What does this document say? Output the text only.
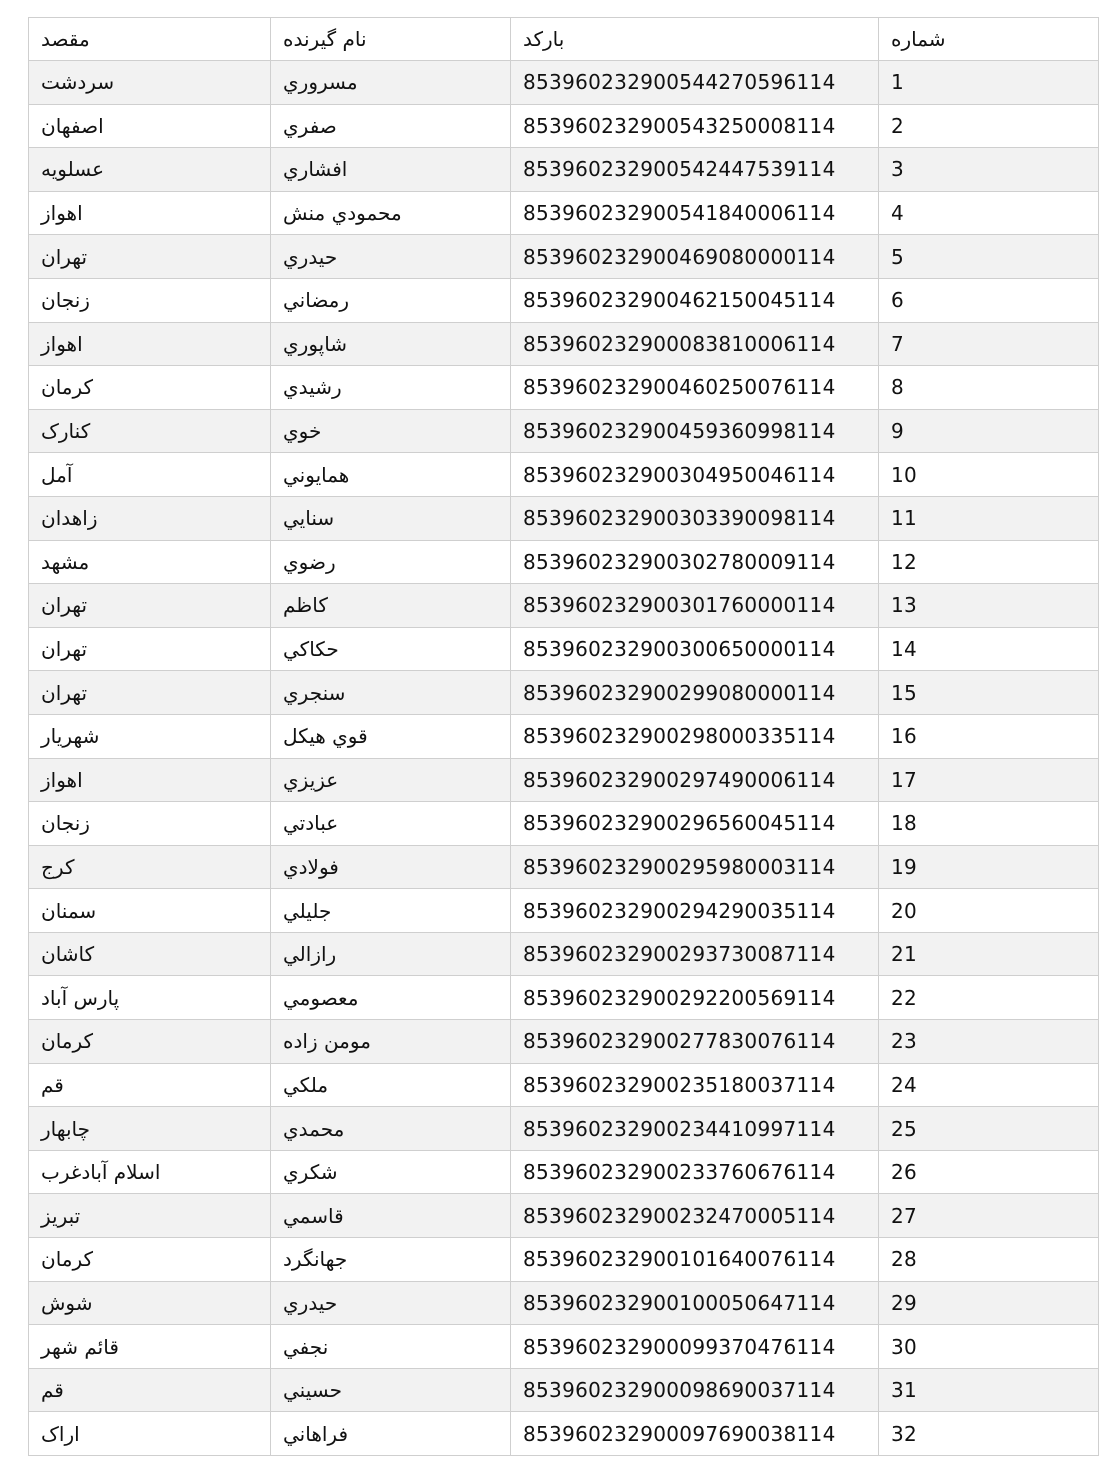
مقصد	نام گیرنده	بارکد	شماره
سردشت	مسروري	853960232900544270596114	1
اصفهان	صفري	853960232900543250008114	2
عسلويه	افشاري	853960232900542447539114	3
اهواز	محمودي منش	853960232900541840006114	4
تهران	حيدري	853960232900469080000114	5
زنجان	رمضاني	853960232900462150045114	6
اهواز	شاپوري	853960232900083810006114	7
کرمان	رشيدي	853960232900460250076114	8
کنارک	خوي	853960232900459360998114	9
آمل	همايوني	853960232900304950046114	10
زاهدان	سنايي	853960232900303390098114	11
مشهد	رضوي	853960232900302780009114	12
تهران	کاظم	853960232900301760000114	13
تهران	حکاکي	853960232900300650000114	14
تهران	سنجري	853960232900299080000114	15
شهريار	قوي هيکل	853960232900298000335114	16
اهواز	عزيزي	853960232900297490006114	17
زنجان	عبادتي	853960232900296560045114	18
کرج	فولادي	853960232900295980003114	19
سمنان	جليلي	853960232900294290035114	20
کاشان	رازالي	853960232900293730087114	21
پارس آباد	معصومي	853960232900292200569114	22
کرمان	مومن زاده	853960232900277830076114	23
قم	ملکي	853960232900235180037114	24
چابهار	محمدي	853960232900234410997114	25
اسلام آبادغرب	شکري	853960232900233760676114	26
تبريز	قاسمي	853960232900232470005114	27
کرمان	جهانگرد	853960232900101640076114	28
شوش	حيدري	853960232900100050647114	29
قائم شهر	نجفي	853960232900099370476114	30
قم	حسيني	853960232900098690037114	31
اراک	فراهاني	853960232900097690038114	32
